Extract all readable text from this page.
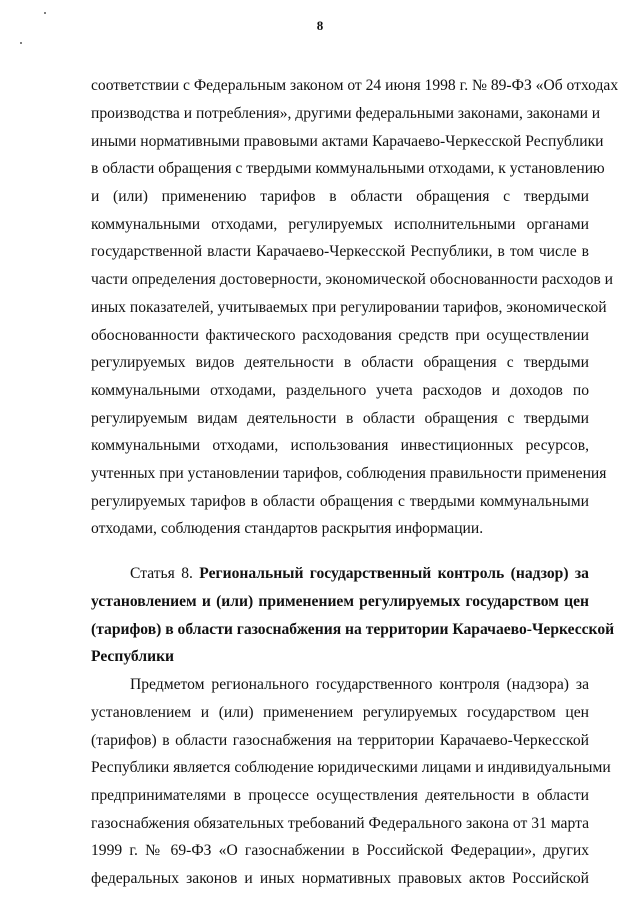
8
соответствии с Федеральным законом от 24 июня 1998 г. № 89-ФЗ «Об отходах
производства и потребления», другими федеральными законами, законами и
иными нормативными правовыми актами Карачаево-Черкесской Республики
в области обращения с твердыми коммунальными отходами, к установлению
и (или) применению тарифов в области обращения с твердыми
коммунальными отходами, регулируемых исполнительными органами
государственной власти Карачаево-Черкесской Республики, в том числе в
части определения достоверности, экономической обоснованности расходов и
иных показателей, учитываемых при регулировании тарифов, экономической
обоснованности фактического расходования средств при осуществлении
регулируемых видов деятельности в области обращения с твердыми
коммунальными отходами, раздельного учета расходов и доходов по
регулируемым видам деятельности в области обращения с твердыми
коммунальными отходами, использования инвестиционных ресурсов,
учтенных при установлении тарифов, соблюдения правильности применения
регулируемых тарифов в области обращения с твердыми коммунальными
отходами, соблюдения стандартов раскрытия информации.
Статья 8. Региональный государственный контроль (надзор) за
установлением и (или) применением регулируемых государством цен
(тарифов) в области газоснабжения на территории Карачаево-Черкесской
Республики
Предметом регионального государственного контроля (надзора) за
установлением и (или) применением регулируемых государством цен
(тарифов) в области газоснабжения на территории Карачаево-Черкесской
Республики является соблюдение юридическими лицами и индивидуальными
предпринимателями в процессе осуществления деятельности в области
газоснабжения обязательных требований Федерального закона от 31 марта
1999 г. № 69-ФЗ «О газоснабжении в Российской Федерации», других
федеральных законов и иных нормативных правовых актов Российской
